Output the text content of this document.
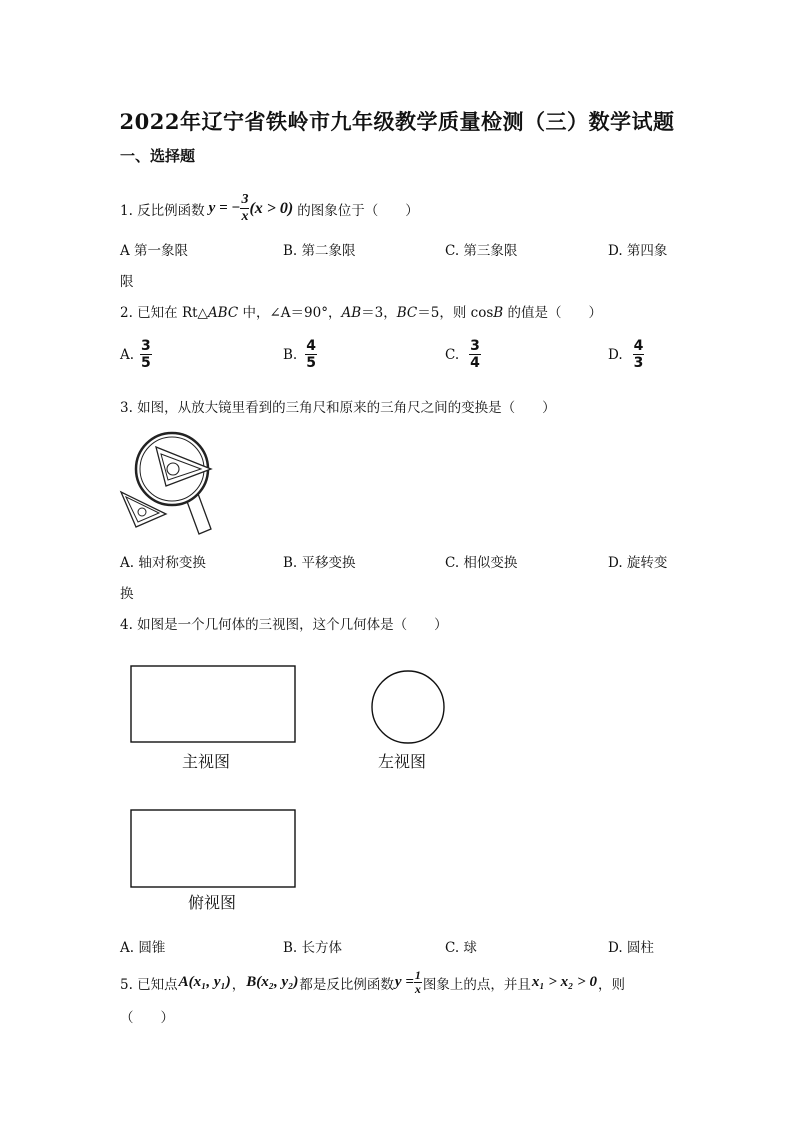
2022年辽宁省铁岭市九年级教学质量检测（三）数学试题
一、选择题
1. 反比例函数 y = − $\frac{3}{x} (x > 0)$ 的图象位于（　　）
A 第一象限	B. 第二象限	C. 第三象限	D. 第四象
限
2. 已知在 Rt△ABC 中，∠A＝90°，AB＝3，BC＝5，则 cosB 的值是（　　）
A. $\frac{3}{5}$	B. $\frac{4}{5}$	C. $\frac{3}{4}$	D. $\frac{4}{3}$
3. 如图，从放大镜里看到的三角尺和原来的三角尺之间的变换是（　　）
A. 轴对称变换	B. 平移变换	C. 相似变换	D. 旋转变
换
4. 如图是一个几何体的三视图，这个几何体是（　　）
主视图	左视图
俯视图
A. 圆锥	B. 长方体	C. 球	D. 圆柱
5. 已知点 A(x₁, y₁) ， B(x₂, y₂) 都是反比例函数 $y = \frac{1}{x}$ 图象上的点，并且 x₁ > x₂ > 0 ，则
（　　）
